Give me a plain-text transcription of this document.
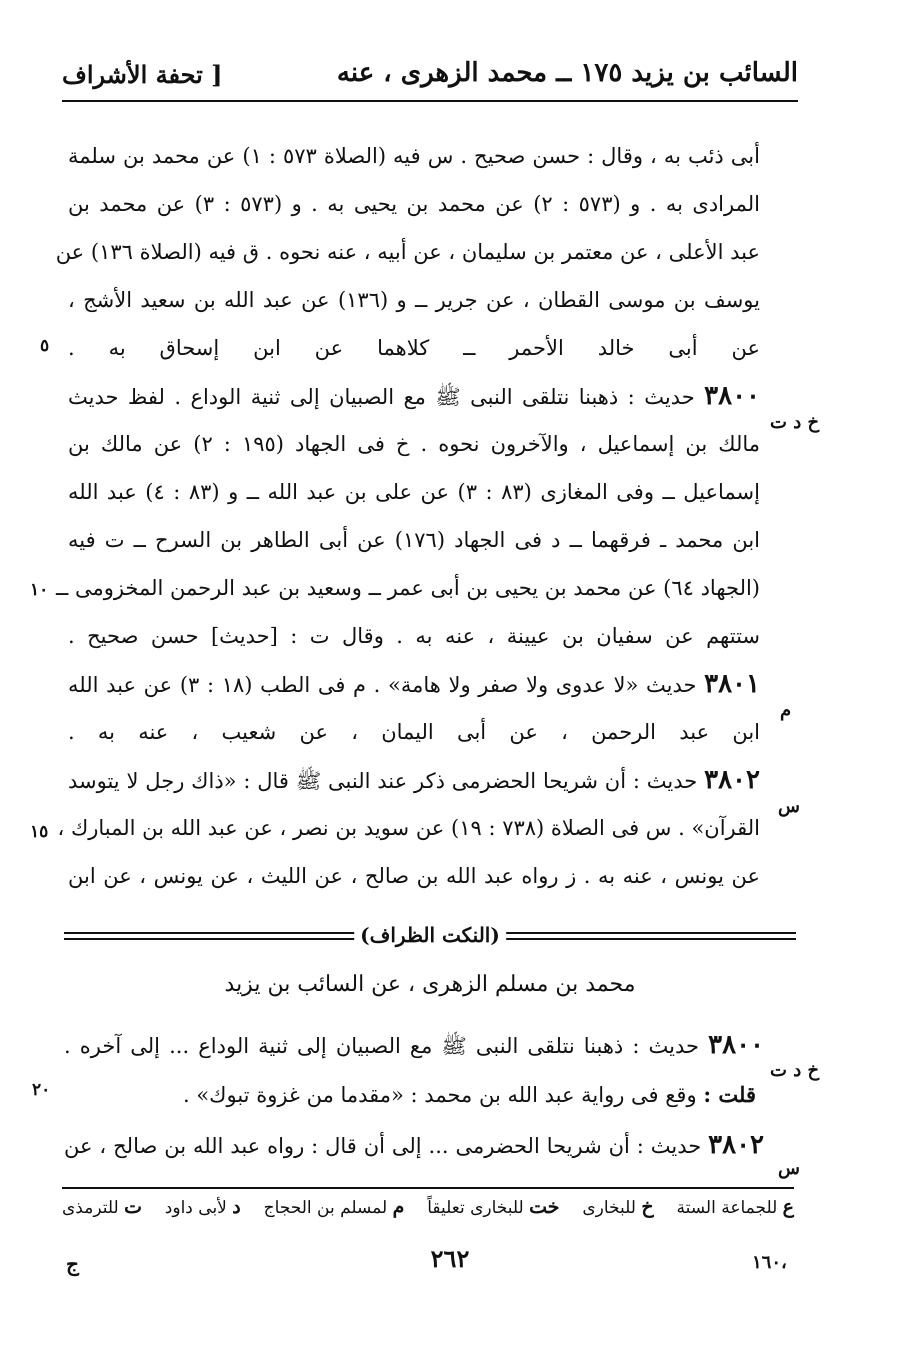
السائب بن يزيد ١٧٥ ــ محمد الزهرى ، عنه
[ تحفة الأشراف
أبى ذئب به ، وقال : حسن صحيح . س فيه (الصلاة ٥٧٣ : ١) عن محمد بن سلمة
المرادى به . و (٥٧٣ : ٢) عن محمد بن يحيى به . و (٥٧٣ : ٣) عن محمد بن
عبد الأعلى ، عن معتمر بن سليمان ، عن أبيه ، عنه نحوه . ق فيه (الصلاة ١٣٦) عن
يوسف بن موسى القطان ، عن جرير ــ و (١٣٦) عن عبد الله بن سعيد الأشج ،
عن أبى خالد الأحمر ــ كلاهما عن ابن إسحاق به .
٣٨٠٠ حديث : ذهبنا نتلقى النبى ﷺ مع الصبيان إلى ثنية الوداع . لفظ حديث
مالك بن إسماعيل ، والآخرون نحوه . خ فى الجهاد (١٩٥ : ٢) عن مالك بن
إسماعيل ــ وفى المغازى (٨٣ : ٣) عن على بن عبد الله ــ و (٨٣ : ٤) عبد الله
ابن محمد ـ فرقهما ــ د فى الجهاد (١٧٦) عن أبى الطاهر بن السرح ــ ت فيه
(الجهاد ٦٤) عن محمد بن يحيى بن أبى عمر ــ وسعيد بن عبد الرحمن المخزومى ــ
ستتهم عن سفيان بن عيينة ، عنه به . وقال ت : [حديث] حسن صحيح .
٣٨٠١ حديث «لا عدوى ولا صفر ولا هامة» . م فى الطب (١٨ : ٣) عن عبد الله
ابن عبد الرحمن ، عن أبى اليمان ، عن شعيب ، عنه به .
٣٨٠٢ حديث : أن شريحا الحضرمى ذكر عند النبى ﷺ قال : «ذاك رجل لا يتوسد
القرآن» . س فى الصلاة (٧٣٨ : ١٩) عن سويد بن نصر ، عن عبد الله بن المبارك ،
عن يونس ، عنه به . ز رواه عبد الله بن صالح ، عن الليث ، عن يونس ، عن ابن
خ د ت
م
س
٥
١٠
١٥
٢٠
(النكت الظراف)
محمد بن مسلم الزهرى ، عن السائب بن يزيد
٣٨٠٠ حديث : ذهبنا نتلقى النبى ﷺ مع الصبيان إلى ثنية الوداع ... إلى آخره .
قلت : وقع فى رواية عبد الله بن محمد : «مقدما من غزوة تبوك» .
٣٨٠٢ حديث : أن شريحا الحضرمى ... إلى أن قال : رواه عبد الله بن صالح ، عن
خ د ت
س
ع للجماعة الستة
خ للبخارى
خت للبخارى تعليقاً
م لمسلم بن الحجاج
د لأبى داود
ت للترمذى
٢٦٢
ج	١٦٠،
